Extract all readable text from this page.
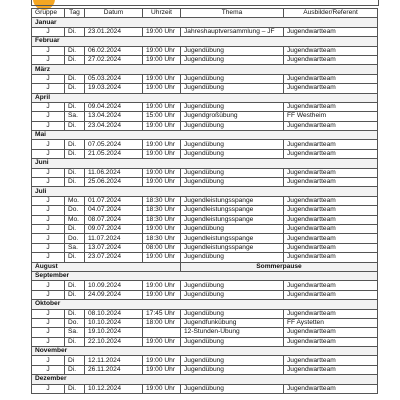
Gruppe	Tag	Datum	Uhrzeit	Thema	Ausbilder/Referent
Januar					
J	Di.	23.01.2024	19:00 Uhr	Jahreshauptversammlung – JF	Jugendwartteam
Februar					
J	Di.	06.02.2024	19:00 Uhr	Jugendübung	Jugendwartteam
J	Di.	27.02.2024	19:00 Uhr	Jugendübung	Jugendwartteam
März					
J	Di.	05.03.2024	19:00 Uhr	Jugendübung	Jugendwartteam
J	Di.	19.03.2024	19:00 Uhr	Jugendübung	Jugendwartteam
April					
J	Di.	09.04.2024	19:00 Uhr	Jugendübung	Jugendwartteam
J	Sa.	13.04.2024	15:00 Uhr	Jugendgroßübung	FF Westheim
J	Di.	23.04.2024	19:00 Uhr	Jugendübung	Jugendwartteam
Mai					
J	Di.	07.05.2024	19:00 Uhr	Jugendübung	Jugendwartteam
J	Di.	21.05.2024	19:00 Uhr	Jugendübung	Jugendwartteam
Juni					
J	Di.	11.06.2024	19:00 Uhr	Jugendübung	Jugendwartteam
J	Di.	25.06.2024	19:00 Uhr	Jugendübung	Jugendwartteam
Juli					
J	Mo.	01.07.2024	18:30 Uhr	Jugendleistungsspange	Jugendwartteam
J	Do.	04.07.2024	18:30 Uhr	Jugendleistungsspange	Jugendwartteam
J	Mo.	08.07.2024	18:30 Uhr	Jugendleistungsspange	Jugendwartteam
J	Di.	09.07.2024	19:00 Uhr	Jugendübung	Jugendwartteam
J	Do.	11.07.2024	18:30 Uhr	Jugendleistungsspange	Jugendwartteam
J	Sa.	13.07.2024	08:00 Uhr	Jugendleistungsspange	Jugendwartteam
J	Di.	23.07.2024	19:00 Uhr	Jugendübung	Jugendwartteam
August				Sommerpause	
September					
J	Di.	10.09.2024	19:00 Uhr	Jugendübung	Jugendwartteam
J	Di.	24.09.2024	19:00 Uhr	Jugendübung	Jugendwartteam
Oktober					
J	Di.	08.10.2024	17:45 Uhr	Jugendübung	Jugendwartteam
J	Do.	10.10.2024	18:00 Uhr	Jugendfunkübung	FF Aystetten
J	Sa.	19.10.2024		12-Stunden-Übung	Jugendwartteam
J	Di.	22.10.2024	19:00 Uhr	Jugendübung	Jugendwartteam
November					
J	Di	12.11.2024	19:00 Uhr	Jugendübung	Jugendwartteam
J	Di.	26.11.2024	19:00 Uhr	Jugendübung	Jugendwartteam
Dezember					
J	Di.	10.12.2024	19:00 Uhr	Jugendübung	Jugendwartteam
